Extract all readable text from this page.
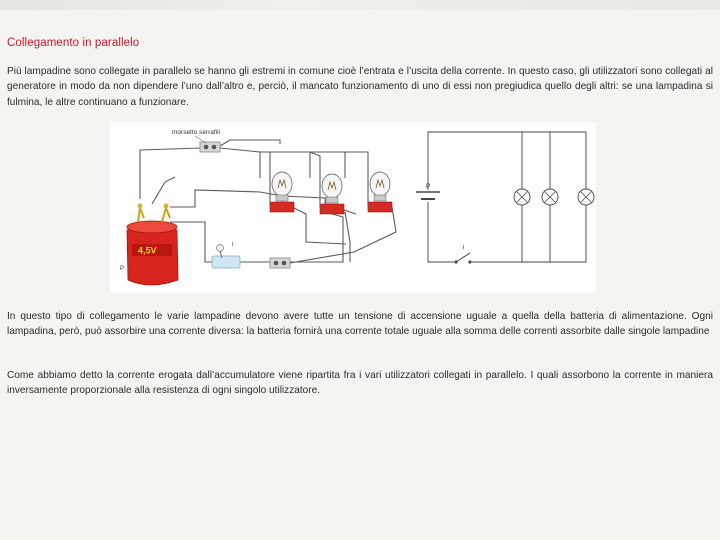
Collegamento in parallelo
Più lampadine sono collegate in parallelo se hanno gli estremi in comune cioè l’entrata e l’uscita della corrente. In questo caso, gli utilizzatori sono collegati al generatore in modo da non dipendere l’uno dall’altro e, perciò, il mancato funzionamento di uno di essi non pregiudica quello degli altri: se una lampadina si fulmina, le altre continuano a funzionare.
morsetto serrafili
4,5V
P
i
P
i
In questo tipo di collegamento le varie lampadine devono avere tutte un tensione di accensione uguale a quella della batteria di alimentazione. Ogni lampadina, però, può assorbire una corrente diversa: la batteria fornirà una corrente totale uguale alla somma delle correnti assorbite dalle singole lampadine
Come abbiamo detto la corrente erogata dall’accumulatore viene ripartita fra i vari utilizzatori collegati in parallelo. I quali assorbono la corrente in maniera inversamente proporzionale alla resistenza di ogni singolo utilizzatore.
